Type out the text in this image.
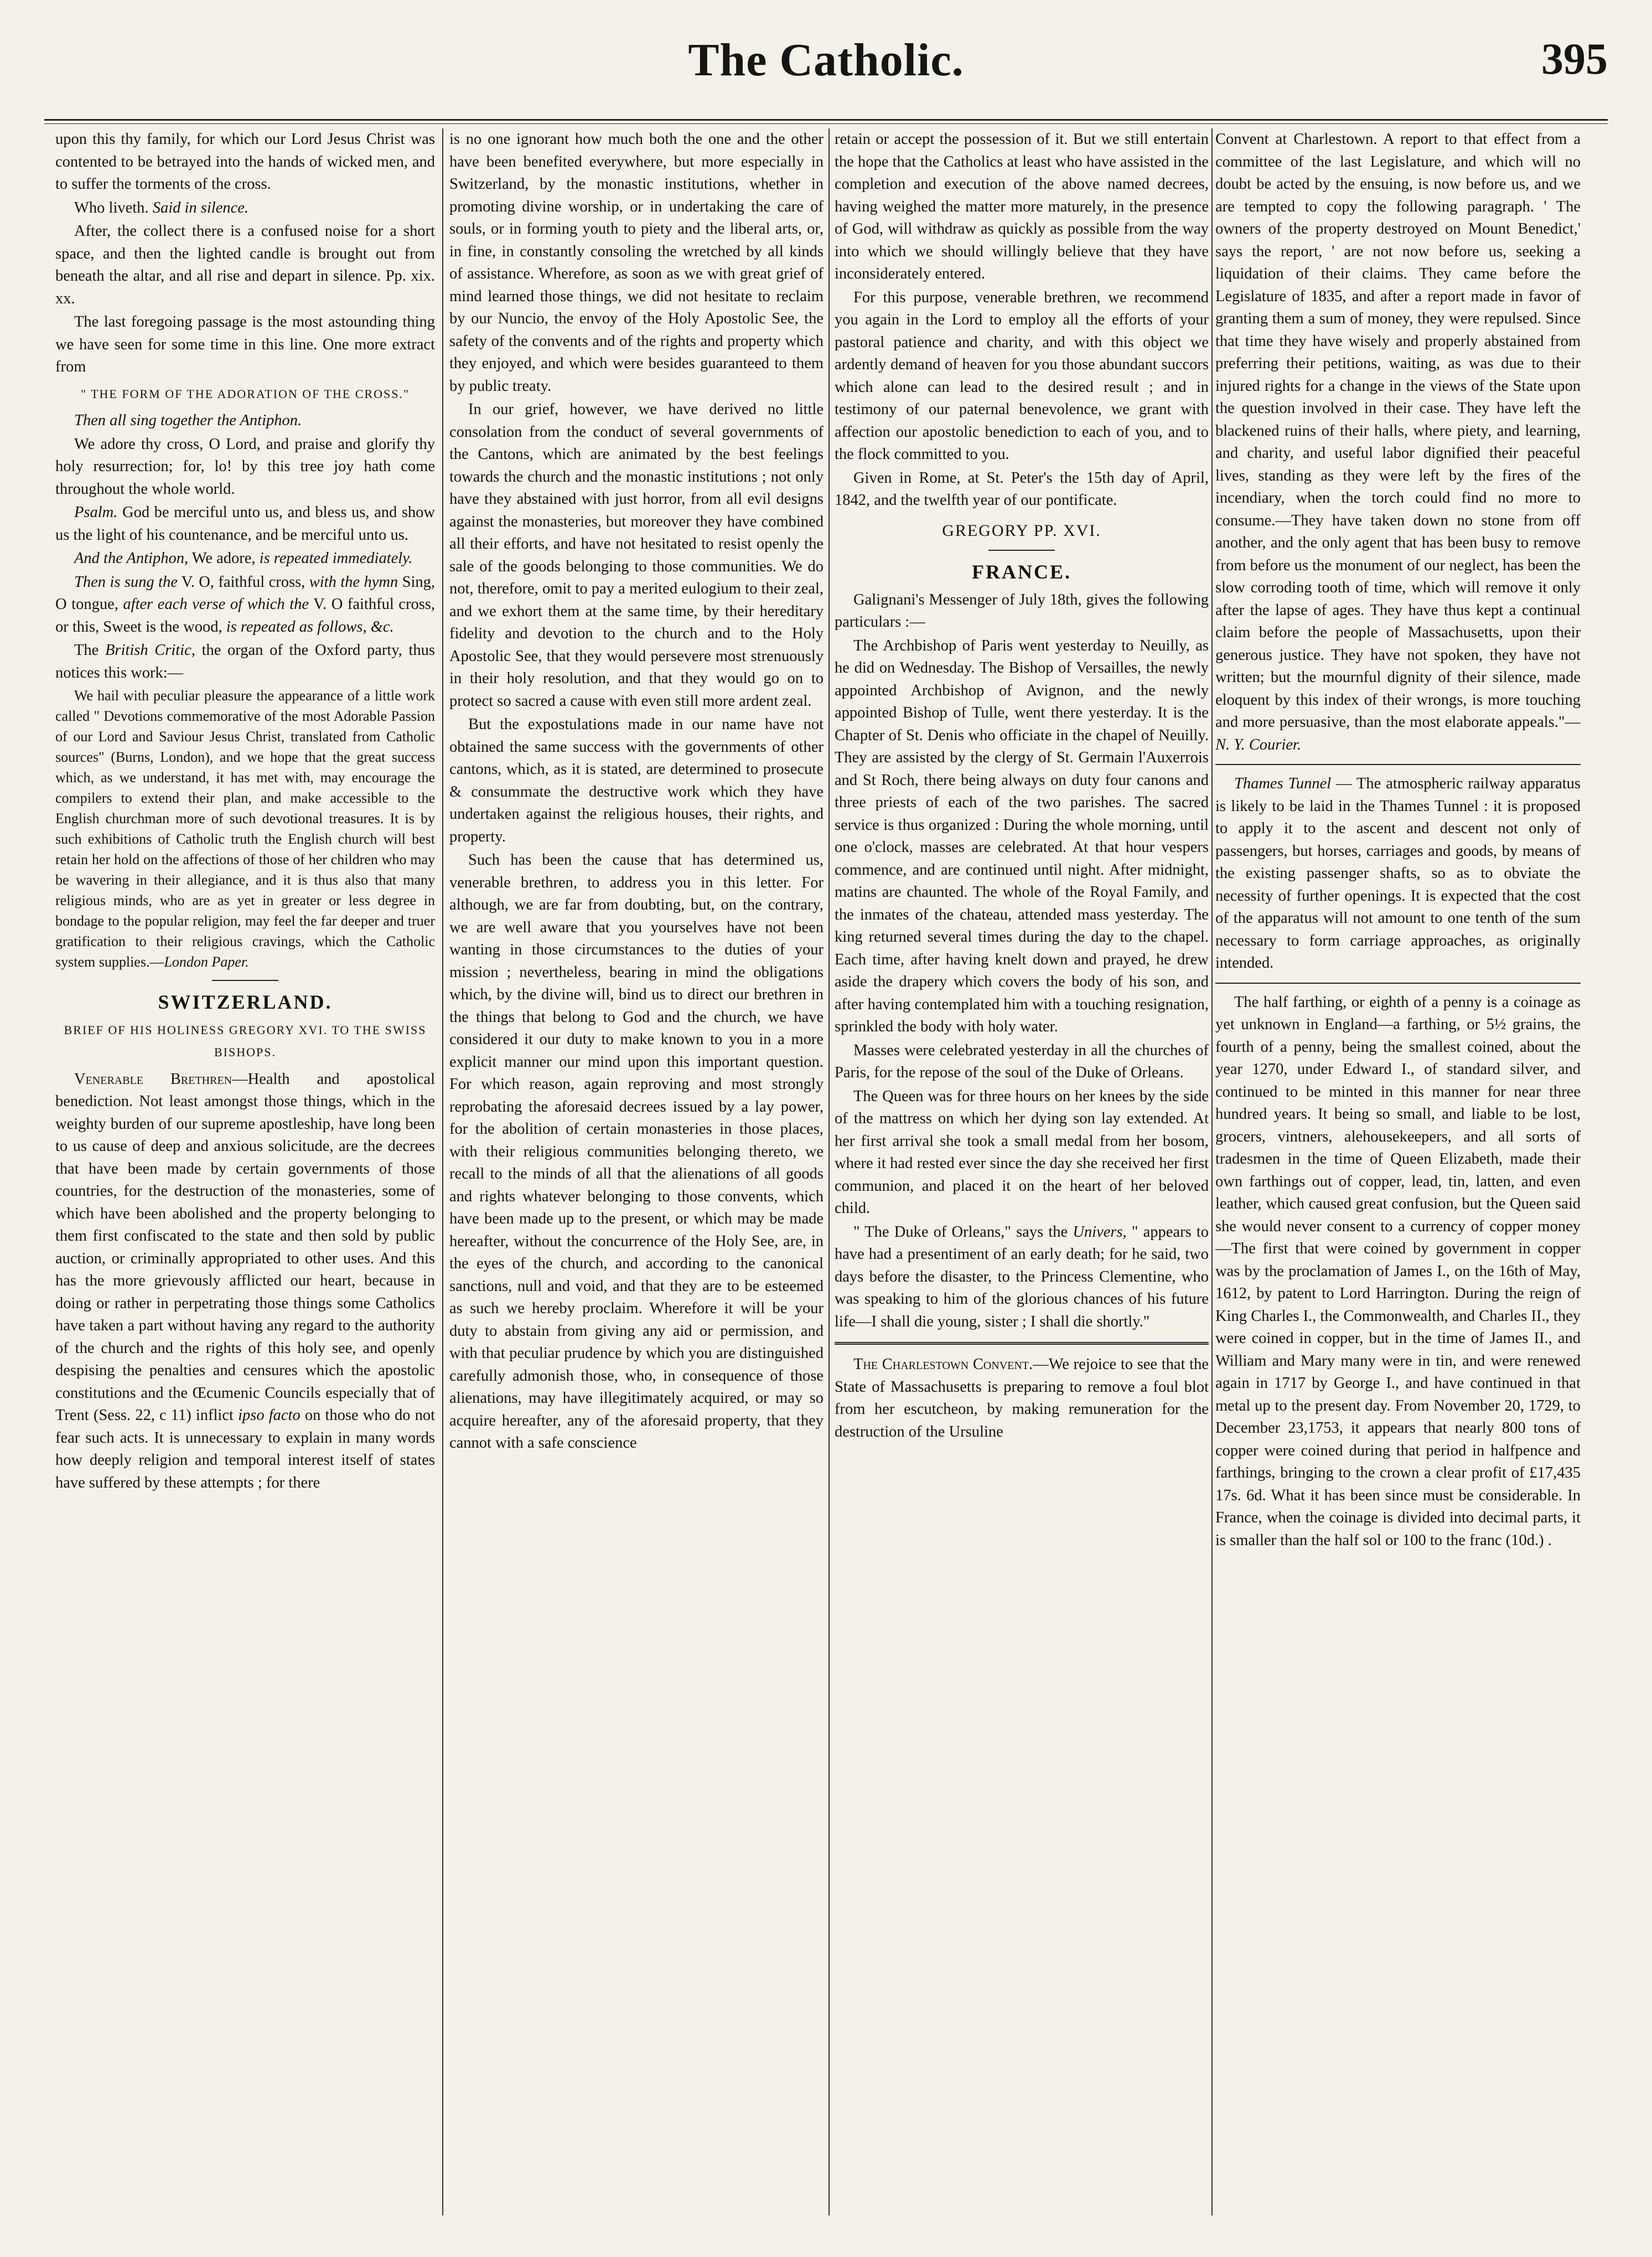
The Catholic.	395

upon this thy family, for which our Lord Jesus Christ was contented to be betrayed into the hands of wicked men, and to suffer the torments of the cross.

Who liveth. Said in silence.

After, the collect there is a confused noise for a short space, and then the lighted candle is brought out from beneath the altar, and all rise and depart in silence. Pp. xix. xx.

The last foregoing passage is the most astounding thing we have seen for some time in this line. One more extract from

" THE FORM OF THE ADORATION OF THE CROSS."

Then all sing together the Antiphon.

We adore thy cross, O Lord, and praise and glorify thy holy resurrection; for, lo! by this tree joy hath come throughout the whole world.

Psalm. God be merciful unto us, and bless us, and show us the light of his countenance, and be merciful unto us.

And the Antiphon, We adore, is repeated immediately.

Then is sung the V. O, faithful cross, with the hymn Sing, O tongue, after each verse of which the V. O faithful cross, or this, Sweet is the wood, is repeated as follows, &c.

The British Critic, the organ of the Oxford party, thus notices this work:—

We hail with peculiar pleasure the appearance of a little work called " Devotions commemorative of the most Adorable Passion of our Lord and Saviour Jesus Christ, translated from Catholic sources" (Burns, London), and we hope that the great success which, as we understand, it has met with, may encourage the compilers to extend their plan, and make accessible to the English churchman more of such devotional treasures. It is by such exhibitions of Catholic truth the English church will best retain her hold on the affections of those of her children who may be wavering in their allegiance, and it is thus also that many religious minds, who are as yet in greater or less degree in bondage to the popular religion, may feel the far deeper and truer gratification to their religious cravings, which the Catholic system supplies.—London Paper.

SWITZERLAND.

BRIEF OF HIS HOLINESS GREGORY XVI. TO THE SWISS BISHOPS.

Venerable Brethren—Health and apostolical benediction. Not least amongst those things, which in the weighty burden of our supreme apostleship, have long been to us cause of deep and anxious solicitude, are the decrees that have been made by certain governments of those countries, for the destruction of the monasteries, some of which have been abolished and the property belonging to them first confiscated to the state and then sold by public auction, or criminally appropriated to other uses. And this has the more grievously afflicted our heart, because in doing or rather in perpetrating those things some Catholics have taken a part without having any regard to the authority of the church and the rights of this holy see, and openly despising the penalties and censures which the apostolic constitutions and the Œcumenic Councils especially that of Trent (Sess. 22, c 11) inflict ipso facto on those who do not fear such acts. It is unnecessary to explain in many words how deeply religion and temporal interest itself of states have suffered by these attempts ; for there

is no one ignorant how much both the one and the other have been benefited everywhere, but more especially in Switzerland, by the monastic institutions, whether in promoting divine worship, or in undertaking the care of souls, or in forming youth to piety and the liberal arts, or, in fine, in constantly consoling the wretched by all kinds of assistance. Wherefore, as soon as we with great grief of mind learned those things, we did not hesitate to reclaim by our Nuncio, the envoy of the Holy Apostolic See, the safety of the convents and of the rights and property which they enjoyed, and which were besides guaranteed to them by public treaty.

In our grief, however, we have derived no little consolation from the conduct of several governments of the Cantons, which are animated by the best feelings towards the church and the monastic institutions ; not only have they abstained with just horror, from all evil designs against the monasteries, but moreover they have combined all their efforts, and have not hesitated to resist openly the sale of the goods belonging to those communities. We do not, therefore, omit to pay a merited eulogium to their zeal, and we exhort them at the same time, by their hereditary fidelity and devotion to the church and to the Holy Apostolic See, that they would persevere most strenuously in their holy resolution, and that they would go on to protect so sacred a cause with even still more ardent zeal.

But the expostulations made in our name have not obtained the same success with the governments of other cantons, which, as it is stated, are determined to prosecute & consummate the destructive work which they have undertaken against the religious houses, their rights, and property.

Such has been the cause that has determined us, venerable brethren, to address you in this letter. For although, we are far from doubting, but, on the contrary, we are well aware that you yourselves have not been wanting in those circumstances to the duties of your mission ; nevertheless, bearing in mind the obligations which, by the divine will, bind us to direct our brethren in the things that belong to God and the church, we have considered it our duty to make known to you in a more explicit manner our mind upon this important question. For which reason, again reproving and most strongly reprobating the aforesaid decrees issued by a lay power, for the abolition of certain monasteries in those places, with their religious communities belonging thereto, we recall to the minds of all that the alienations of all goods and rights whatever belonging to those convents, which have been made up to the present, or which may be made hereafter, without the concurrence of the Holy See, are, in the eyes of the church, and according to the canonical sanctions, null and void, and that they are to be esteemed as such we hereby proclaim. Wherefore it will be your duty to abstain from giving any aid or permission, and with that peculiar prudence by which you are distinguished carefully admonish those, who, in consequence of those alienations, may have illegitimately acquired, or may so acquire hereafter, any of the aforesaid property, that they cannot with a safe conscience

retain or accept the possession of it. But we still entertain the hope that the Catholics at least who have assisted in the completion and execution of the above named decrees, having weighed the matter more maturely, in the presence of God, will withdraw as quickly as possible from the way into which we should willingly believe that they have inconsiderately entered.

For this purpose, venerable brethren, we recommend you again in the Lord to employ all the efforts of your pastoral patience and charity, and with this object we ardently demand of heaven for you those abundant succors which alone can lead to the desired result ; and in testimony of our paternal benevolence, we grant with affection our apostolic benediction to each of you, and to the flock committed to you.

Given in Rome, at St. Peter's the 15th day of April, 1842, and the twelfth year of our pontificate.

GREGORY PP. XVI.

FRANCE.

Galignani's Messenger of July 18th, gives the following particulars :—

The Archbishop of Paris went yesterday to Neuilly, as he did on Wednesday. The Bishop of Versailles, the newly appointed Archbishop of Avignon, and the newly appointed Bishop of Tulle, went there yesterday. It is the Chapter of St. Denis who officiate in the chapel of Neuilly. They are assisted by the clergy of St. Germain l'Auxerrois and St Roch, there being always on duty four canons and three priests of each of the two parishes. The sacred service is thus organized : During the whole morning, until one o'clock, masses are celebrated. At that hour vespers commence, and are continued until night. After midnight, matins are chaunted. The whole of the Royal Family, and the inmates of the chateau, attended mass yesterday. The king returned several times during the day to the chapel. Each time, after having knelt down and prayed, he drew aside the drapery which covers the body of his son, and after having contemplated him with a touching resignation, sprinkled the body with holy water.

Masses were celebrated yesterday in all the churches of Paris, for the repose of the soul of the Duke of Orleans.

The Queen was for three hours on her knees by the side of the mattress on which her dying son lay extended. At her first arrival she took a small medal from her bosom, where it had rested ever since the day she received her first communion, and placed it on the heart of her beloved child.

" The Duke of Orleans," says the Univers, " appears to have had a presentiment of an early death; for he said, two days before the disaster, to the Princess Clementine, who was speaking to him of the glorious chances of his future life—I shall die young, sister ; I shall die shortly."

The Charlestown Convent.—We rejoice to see that the State of Massachusetts is preparing to remove a foul blot from her escutcheon, by making remuneration for the destruction of the Ursuline

Convent at Charlestown. A report to that effect from a committee of the last Legislature, and which will no doubt be acted by the ensuing, is now before us, and we are tempted to copy the following paragraph. ' The owners of the property destroyed on Mount Benedict,' says the report, ' are not now before us, seeking a liquidation of their claims. They came before the Legislature of 1835, and after a report made in favor of granting them a sum of money, they were repulsed. Since that time they have wisely and properly abstained from preferring their petitions, waiting, as was due to their injured rights for a change in the views of the State upon the question involved in their case. They have left the blackened ruins of their halls, where piety, and learning, and charity, and useful labor dignified their peaceful lives, standing as they were left by the fires of the incendiary, when the torch could find no more to consume.—They have taken down no stone from off another, and the only agent that has been busy to remove from before us the monument of our neglect, has been the slow corroding tooth of time, which will remove it only after the lapse of ages. They have thus kept a continual claim before the people of Massachusetts, upon their generous justice. They have not spoken, they have not written; but the mournful dignity of their silence, made eloquent by this index of their wrongs, is more touching and more persuasive, than the most elaborate appeals."—N. Y. Courier.

Thames Tunnel — The atmospheric railway apparatus is likely to be laid in the Thames Tunnel : it is proposed to apply it to the ascent and descent not only of passengers, but horses, carriages and goods, by means of the existing passenger shafts, so as to obviate the necessity of further openings. It is expected that the cost of the apparatus will not amount to one tenth of the sum necessary to form carriage approaches, as originally intended.

The half farthing, or eighth of a penny is a coinage as yet unknown in England—a farthing, or 5½ grains, the fourth of a penny, being the smallest coined, about the year 1270, under Edward I., of standard silver, and continued to be minted in this manner for near three hundred years. It being so small, and liable to be lost, grocers, vintners, alehousekeepers, and all sorts of tradesmen in the time of Queen Elizabeth, made their own farthings out of copper, lead, tin, latten, and even leather, which caused great confusion, but the Queen said she would never consent to a currency of copper money—The first that were coined by government in copper was by the proclamation of James I., on the 16th of May, 1612, by patent to Lord Harrington. During the reign of King Charles I., the Commonwealth, and Charles II., they were coined in copper, but in the time of James II., and William and Mary many were in tin, and were renewed again in 1717 by George I., and have continued in that metal up to the present day. From November 20, 1729, to December 23,1753, it appears that nearly 800 tons of copper were coined during that period in halfpence and farthings, bringing to the crown a clear profit of £17,435 17s. 6d. What it has been since must be considerable. In France, when the coinage is divided into decimal parts, it is smaller than the half sol or 100 to the franc (10d.) .
